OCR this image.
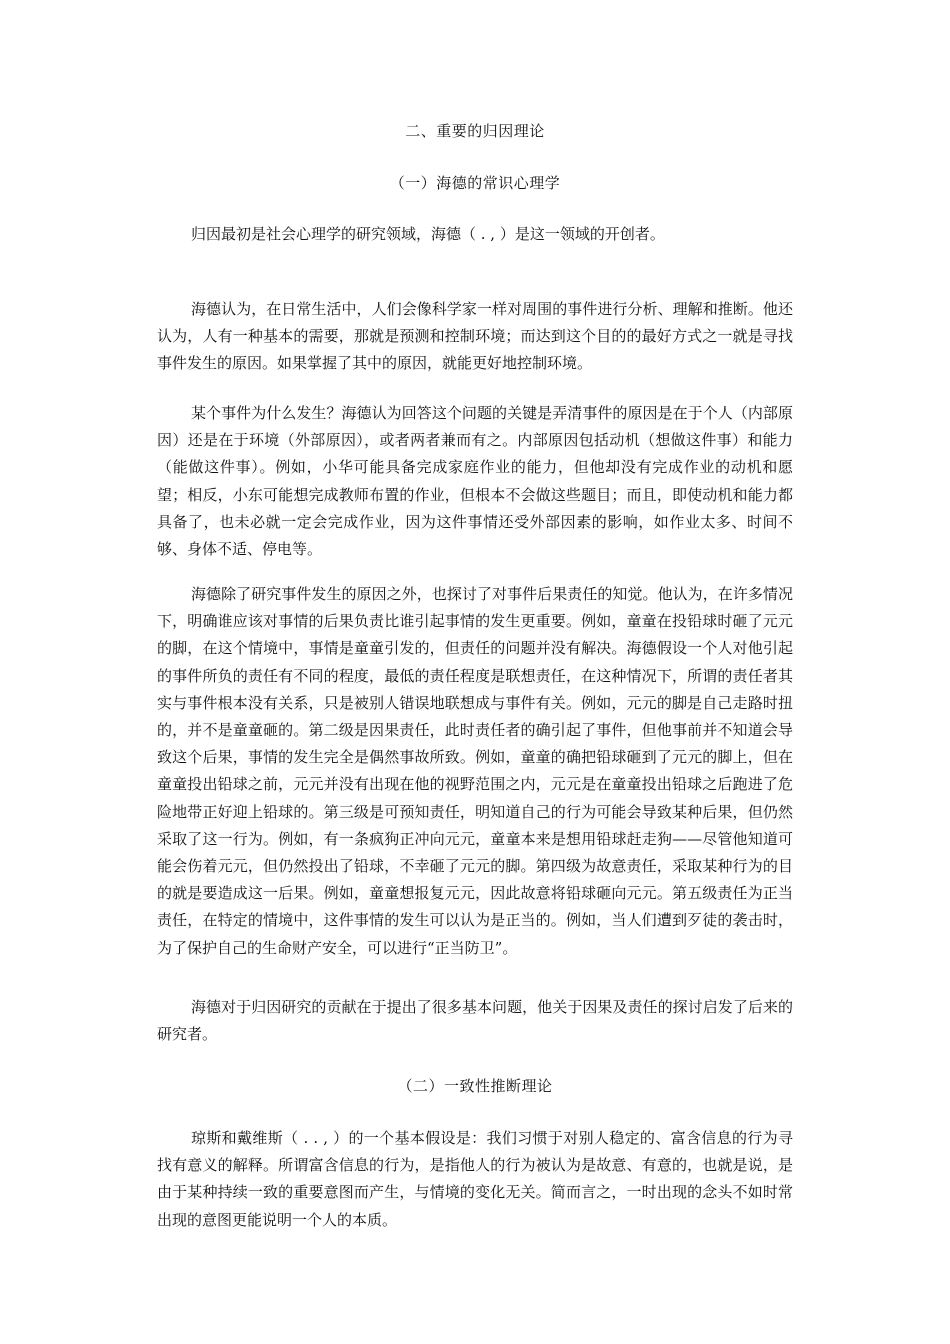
二、重要的归因理论
（一）海德的常识心理学

归因最初是社会心理学的研究领域，海德（ . , ）是这一领域的开创者。

海德认为，在日常生活中，人们会像科学家一样对周围的事件进行分析、理解和推断。他还认为，人有一种基本的需要，那就是预测和控制环境；而达到这个目的的最好方式之一就是寻找事件发生的原因。如果掌握了其中的原因，就能更好地控制环境。

某个事件为什么发生？海德认为回答这个问题的关键是弄清事件的原因是在于个人（内部原因）还是在于环境（外部原因），或者两者兼而有之。内部原因包括动机（想做这件事）和能力（能做这件事）。例如，小华可能具备完成家庭作业的能力，但他却没有完成作业的动机和愿望；相反，小东可能想完成教师布置的作业，但根本不会做这些题目；而且，即使动机和能力都具备了，也未必就一定会完成作业，因为这件事情还受外部因素的影响，如作业太多、时间不够、身体不适、停电等。

海德除了研究事件发生的原因之外，也探讨了对事件后果责任的知觉。他认为，在许多情况下，明确谁应该对事情的后果负责比谁引起事情的发生更重要。例如，童童在投铅球时砸了元元的脚，在这个情境中，事情是童童引发的，但责任的问题并没有解决。海德假设一个人对他引起的事件所负的责任有不同的程度，最低的责任程度是联想责任，在这种情况下，所谓的责任者其实与事件根本没有关系，只是被别人错误地联想成与事件有关。例如，元元的脚是自己走路时扭的，并不是童童砸的。第二级是因果责任，此时责任者的确引起了事件，但他事前并不知道会导致这个后果，事情的发生完全是偶然事故所致。例如，童童的确把铅球砸到了元元的脚上，但在童童投出铅球之前，元元并没有出现在他的视野范围之内，元元是在童童投出铅球之后跑进了危险地带正好迎上铅球的。第三级是可预知责任，明知道自己的行为可能会导致某种后果，但仍然采取了这一行为。例如，有一条疯狗正冲向元元，童童本来是想用铅球赶走狗——尽管他知道可能会伤着元元，但仍然投出了铅球，不幸砸了元元的脚。第四级为故意责任，采取某种行为的目的就是要造成这一后果。例如，童童想报复元元，因此故意将铅球砸向元元。第五级责任为正当责任，在特定的情境中，这件事情的发生可以认为是正当的。例如，当人们遭到歹徒的袭击时，为了保护自己的生命财产安全，可以进行“正当防卫”。

海德对于归因研究的贡献在于提出了很多基本问题，他关于因果及责任的探讨启发了后来的研究者。

（二）一致性推断理论

琼斯和戴维斯（ . . , ）的一个基本假设是：我们习惯于对别人稳定的、富含信息的行为寻找有意义的解释。所谓富含信息的行为，是指他人的行为被认为是故意、有意的，也就是说，是由于某种持续一致的重要意图而产生，与情境的变化无关。简而言之，一时出现的念头不如时常出现的意图更能说明一个人的本质。
